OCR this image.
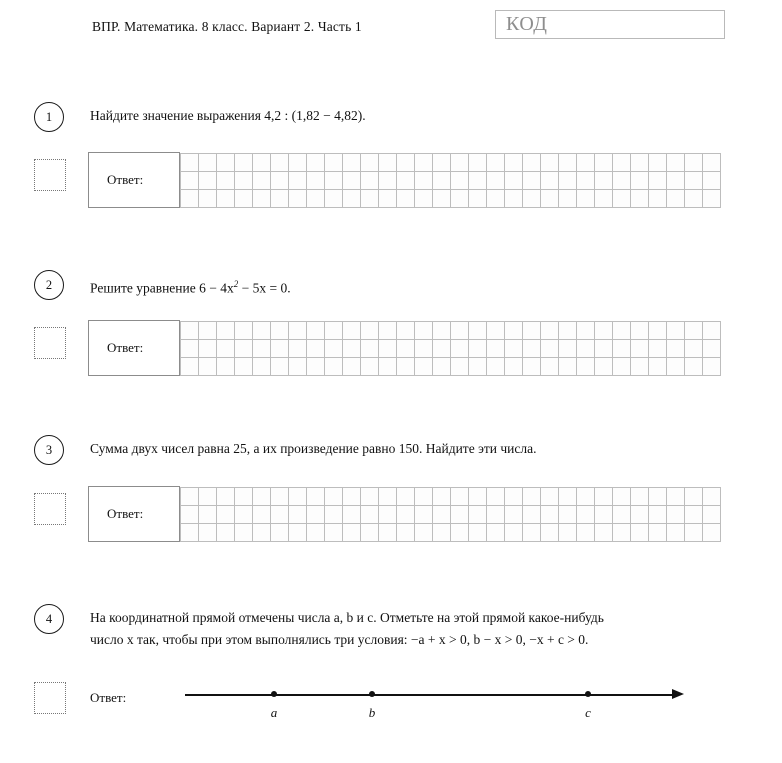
ВПР. Математика. 8 класс. Вариант 2. Часть 1	КОД
1	Найдите значение выражения 4,2 : (1,82 − 4,82).
Ответ:
2	Решите уравнение $6 - 4x^2 - 5x = 0$.
Ответ:
3	Сумма двух чисел равна 25, а их произведение равно 150. Найдите эти числа.
Ответ:
4	На координатной прямой отмечены числа a, b и c. Отметьте на этой прямой какое-нибудь
число x так, чтобы при этом выполнялись три условия: −a + x > 0, b − x > 0, −x + c > 0.
Ответ:
a	b	c
